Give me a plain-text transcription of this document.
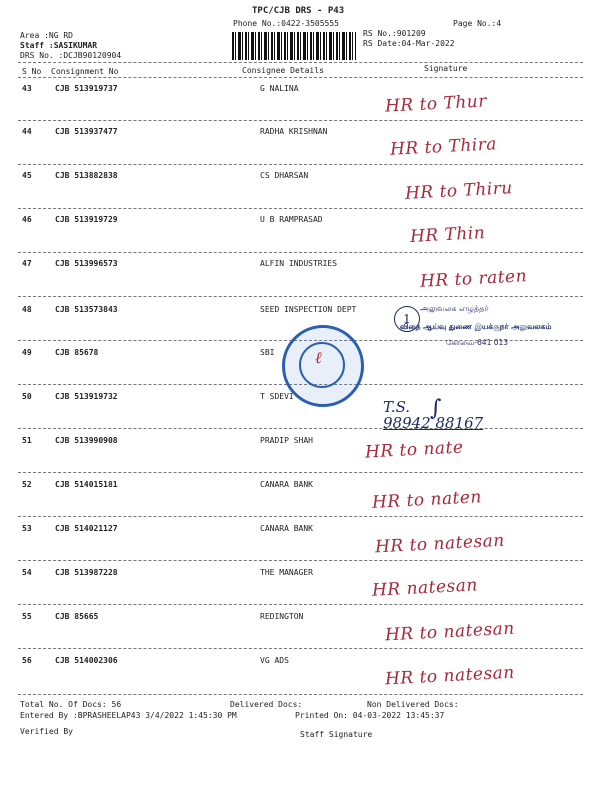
TPC/CJB DRS - P43
Phone No.:0422-3505555	Page No.:4
Area :NG RD
Staff :SASIKUMAR
DRS No. :DCJB90120904
RS No.:901209
RS Date:04-Mar-2022
S No Consignment No	Consignee Details	Signature
43	CJB 513919737	G NALINA
HR to Thur
44	CJB 513937477	RADHA KRISHNAN
HR to Thira
45	CJB 513882838	CS DHARSAN
HR to Thiru
46	CJB 513919729	U B RAMPRASAD
HR Thin
47	CJB 513996573	ALFIN INDUSTRIES
HR to raten
48	CJB 513573843	SEED INSPECTION DEPT
49	CJB 85678	SBI
50	CJB 513919732	T SDEVI
51	CJB 513990908	PRADIP SHAH	HR to nate
52	CJB 514015181	CANARA BANK
HR to naten
53	CJB 514021127	CANARA BANK
HR to natesan
54	CJB 513987228	THE MANAGER
HR natesan
55	CJB 85665	REDINGTON
HR to natesan
56	CJB 514002306	VG ADS
HR to natesan
1
அலுவலக எழுத்தர்
விதை ஆய்வு துணை இயக்குநர் அலுவலகம்
கோவை-641 013
ℓ
T.S. ∫
98942 88167
Total No. Of Docs: 56	Delivered Docs:	Non Delivered Docs:
Entered By :BPRASHEELAP43 3/4/2022 1:45:30 PM	Printed On: 04-03-2022 13:45:37
Verified By	Staff Signature
